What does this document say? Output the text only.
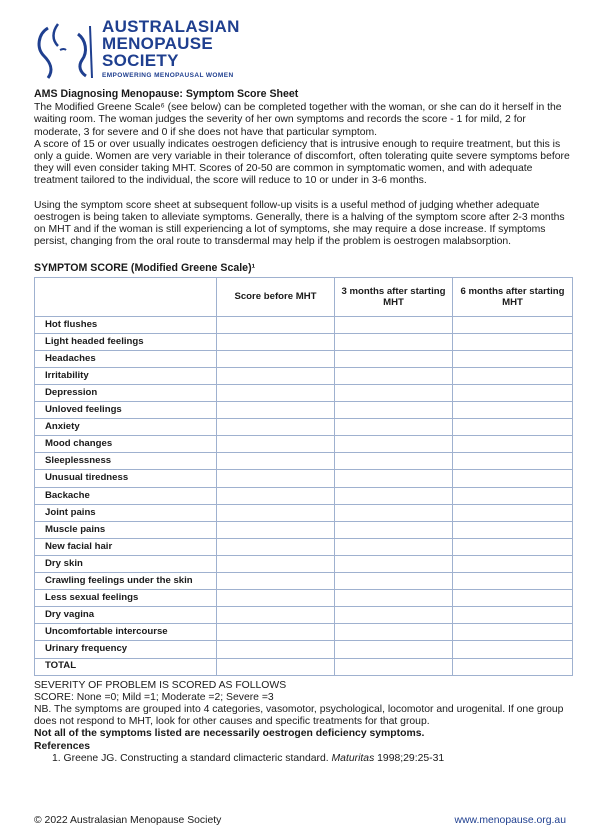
AUSTRALASIAN
MENOPAUSE
SOCIETY
EMPOWERING MENOPAUSAL WOMEN
AMS Diagnosing Menopause: Symptom Score Sheet

The Modified Greene Scale⁶ (see below) can be completed together with the woman, or she can do it herself in the waiting room. The woman judges the severity of her own symptoms and records the score - 1 for mild, 2 for moderate, 3 for severe and 0 if she does not have that particular symptom.

A score of 15 or over usually indicates oestrogen deficiency that is intrusive enough to require treatment, but this is only a guide. Women are very variable in their tolerance of discomfort, often tolerating quite severe symptoms before they will even consider taking MHT. Scores of 20-50 are common in symptomatic women, and with adequate treatment tailored to the individual, the score will reduce to 10 or under in 3-6 months.

Using the symptom score sheet at subsequent follow-up visits is a useful method of judging whether adequate oestrogen is being taken to alleviate symptoms. Generally, there is a halving of the symptom score after 2-3 months on MHT and if the woman is still experiencing a lot of symptoms, she may require a dose increase. If symptoms persist, changing from the oral route to transdermal may help if the problem is oestrogen malabsorption.

SYMPTOM SCORE (Modified Greene Scale)¹
	Score before MHT	3 months after starting MHT	6 months after starting MHT
Hot flushes			
Light headed feelings			
Headaches			
Irritability			
Depression			
Unloved feelings			
Anxiety			
Mood changes			
Sleeplessness			
Unusual tiredness			
Backache			
Joint pains			
Muscle pains			
New facial hair			
Dry skin			
Crawling feelings under the skin			
Less sexual feelings			
Dry vagina			
Uncomfortable intercourse			
Urinary frequency			
TOTAL			

SEVERITY OF PROBLEM IS SCORED AS FOLLOWS

SCORE: None =0; Mild =1; Moderate =2; Severe =3

NB. The symptoms are grouped into 4 categories, vasomotor, psychological, locomotor and urogenital. If one group does not respond to MHT, look for other causes and specific treatments for that group.

Not all of the symptoms listed are necessarily oestrogen deficiency symptoms.

References

1. Greene JG. Constructing a standard climacteric standard. Maturitas 1998;29:25-31

© 2022 Australasian Menopause Society	www.menopause.org.au
